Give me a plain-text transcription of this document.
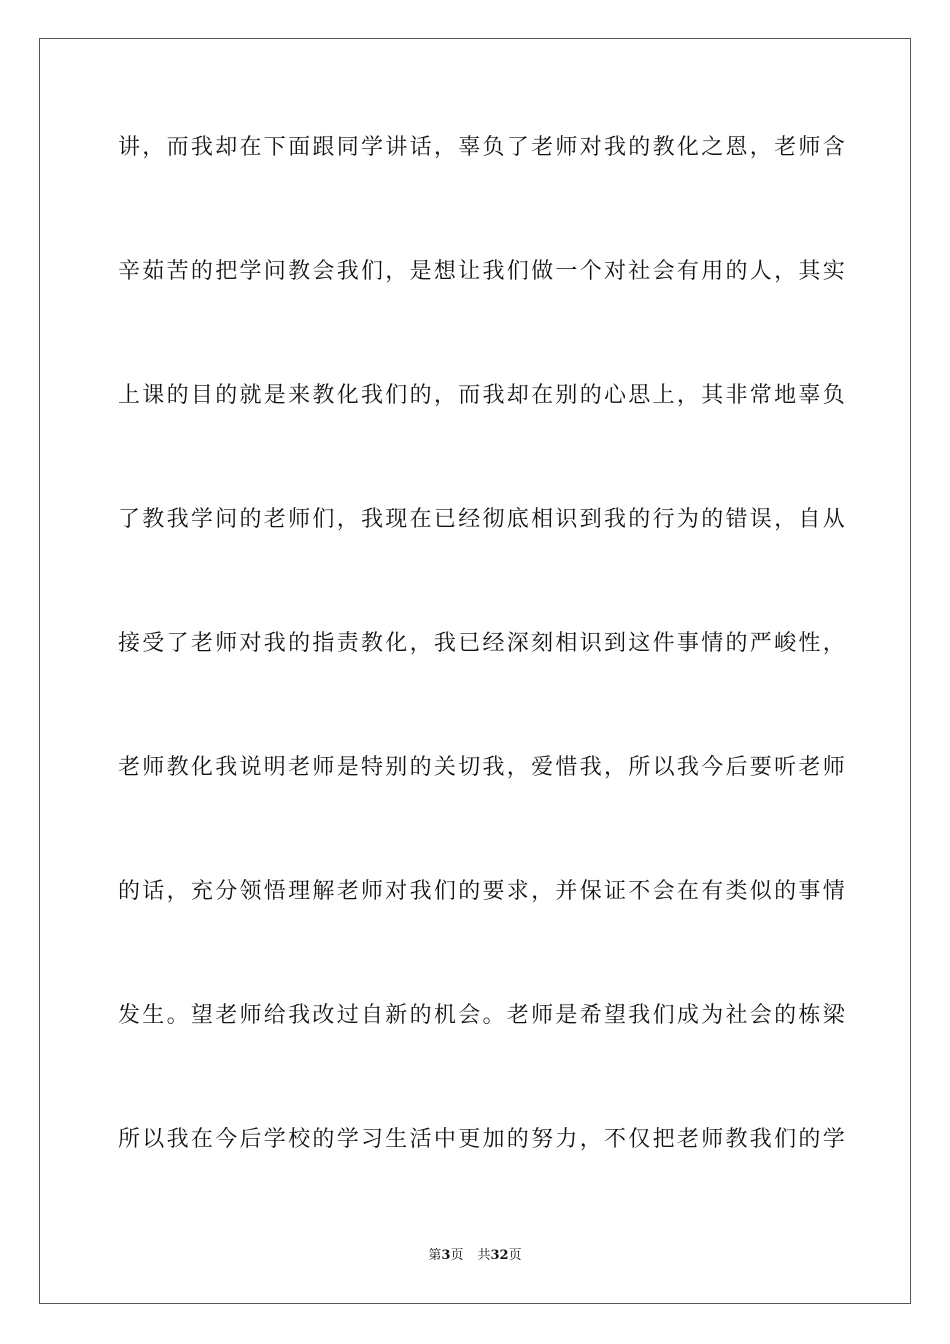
讲，而我却在下面跟同学讲话，辜负了老师对我的教化之恩，老师含
辛茹苦的把学问教会我们，是想让我们做一个对社会有用的人，其实
上课的目的就是来教化我们的，而我却在别的心思上，其非常地辜负
了教我学问的老师们，我现在已经彻底相识到我的行为的错误，自从
接受了老师对我的指责教化，我已经深刻相识到这件事情的严峻性，
老师教化我说明老师是特别的关切我，爱惜我，所以我今后要听老师
的话，充分领悟理解老师对我们的要求，并保证不会在有类似的事情
发生。望老师给我改过自新的机会。老师是希望我们成为社会的栋梁
所以我在今后学校的学习生活中更加的努力，不仅把老师教我们的学
第3页 共32页
